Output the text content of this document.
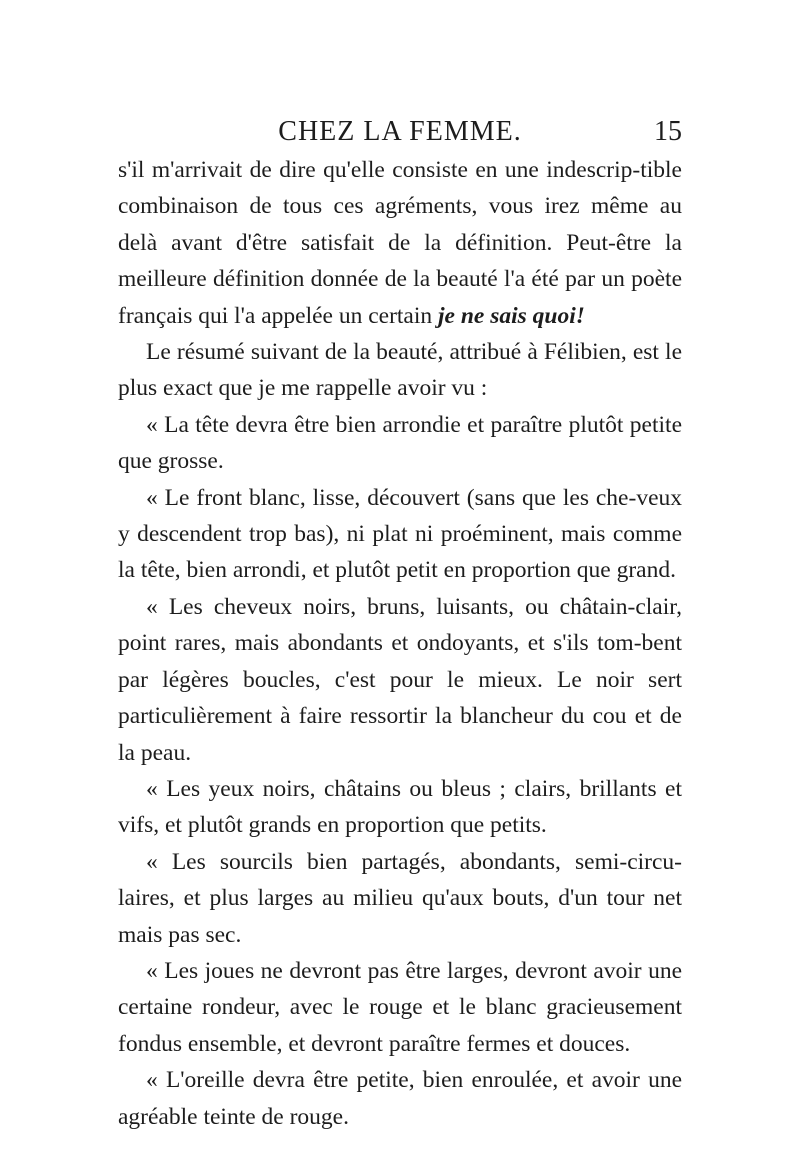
CHEZ LA FEMME.	15

s'il m'arrivait de dire qu'elle consiste en une indescrip-tible combinaison de tous ces agréments, vous irez même au delà avant d'être satisfait de la définition. Peut-être la meilleure définition donnée de la beauté l'a été par un poète français qui l'a appelée un certain je ne sais quoi!

Le résumé suivant de la beauté, attribué à Félibien, est le plus exact que je me rappelle avoir vu :

« La tête devra être bien arrondie et paraître plutôt petite que grosse.

« Le front blanc, lisse, découvert (sans que les che-veux y descendent trop bas), ni plat ni proéminent, mais comme la tête, bien arrondi, et plutôt petit en proportion que grand.

« Les cheveux noirs, bruns, luisants, ou châtain-clair, point rares, mais abondants et ondoyants, et s'ils tom-bent par légères boucles, c'est pour le mieux. Le noir sert particulièrement à faire ressortir la blancheur du cou et de la peau.

« Les yeux noirs, châtains ou bleus ; clairs, brillants et vifs, et plutôt grands en proportion que petits.

« Les sourcils bien partagés, abondants, semi-circu-laires, et plus larges au milieu qu'aux bouts, d'un tour net mais pas sec.

« Les joues ne devront pas être larges, devront avoir une certaine rondeur, avec le rouge et le blanc gracieusement fondus ensemble, et devront paraître fermes et douces.

« L'oreille devra être petite, bien enroulée, et avoir une agréable teinte de rouge.
